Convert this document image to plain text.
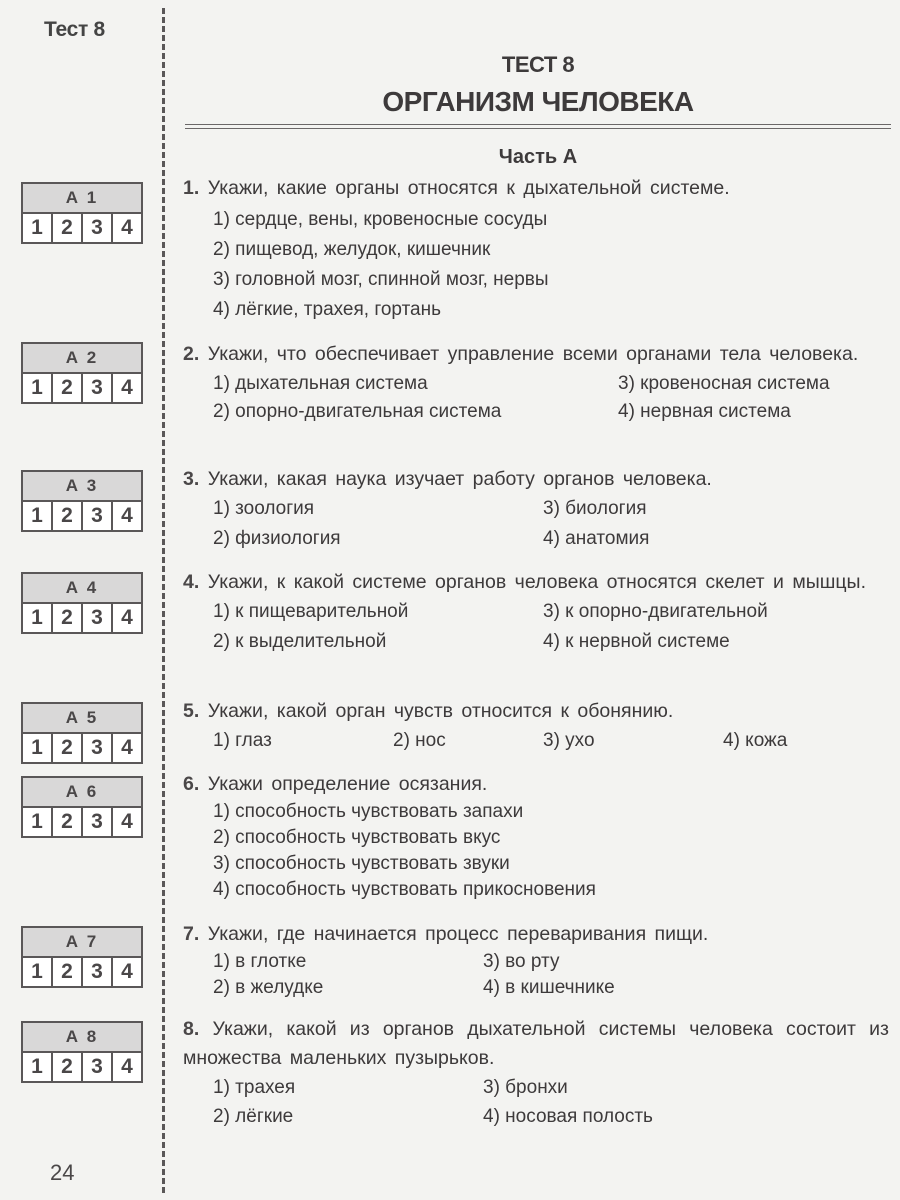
Тест 8
А 1
1 2 3 4
А 2
1 2 3 4
А 3
1 2 3 4
А 4
1 2 3 4
А 5
1 2 3 4
А 6
1 2 3 4
А 7
1 2 3 4
А 8
1 2 3 4
24
ТЕСТ 8
ОРГАНИЗМ ЧЕЛОВЕКА
Часть А
1. Укажи, какие органы относятся к дыхательной системе.
1) сердце, вены, кровеносные сосуды
2) пищевод, желудок, кишечник
3) головной мозг, спинной мозг, нервы
4) лёгкие, трахея, гортань
2. Укажи, что обеспечивает управление всеми органами тела человека.
1) дыхательная система	3) кровеносная система
2) опорно-двигательная система	4) нервная система
3. Укажи, какая наука изучает работу органов человека.
1) зоология	3) биология
2) физиология	4) анатомия
4. Укажи, к какой системе органов человека относятся скелет и мышцы.
1) к пищеварительной	3) к опорно-двигательной
2) к выделительной	4) к нервной системе
5. Укажи, какой орган чувств относится к обонянию.
1) глаз	2) нос	3) ухо	4) кожа
6. Укажи определение осязания.
1) способность чувствовать запахи
2) способность чувствовать вкус
3) способность чувствовать звуки
4) способность чувствовать прикосновения
7. Укажи, где начинается процесс переваривания пищи.
1) в глотке	3) во рту
2) в желудке	4) в кишечнике
8. Укажи, какой из органов дыхательной системы человека состоит из множества маленьких пузырьков.
1) трахея	3) бронхи
2) лёгкие	4) носовая полость
